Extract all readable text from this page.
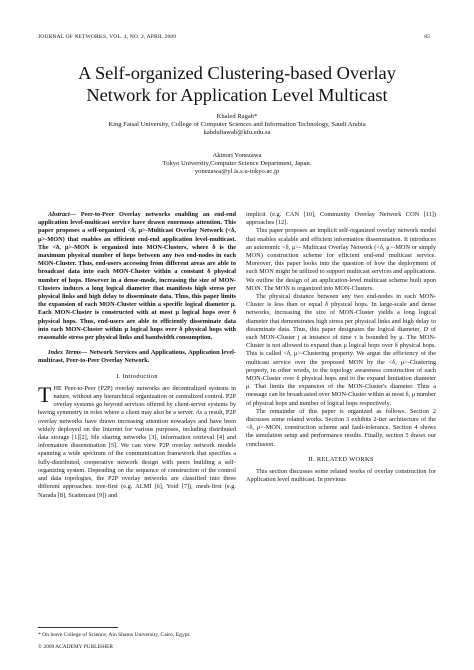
JOURNAL OF NETWORKS, VOL. 4, NO. 2, APRIL 2009	85
A Self-organized Clustering-based Overlay
Network for Application Level Multicast
Khaled Ragab*
King Faisal University, College of Computer Sciences and Information Technology, Saudi Arabia
kabdultawab@kfu.edu.sa
Akinori Yonezawa
Tokyo University,Computer Science Department, Japan.
yonezawa@yl.is.s.u-tokyo.ac.jp

Abstract— Peer-to-Peer Overlay networks enabling an end-end application level-multicast service have drawn enormous attention. This paper proposes a self-organized <δ, μ>-Multicast Overlay Network (<δ, μ>-MON) that enables an efficient end-end application level-multicast. The <δ, μ>-MON is organized into MON-Clusters, where δ is the maximum physical number of hops between any two end-nodes in each MON-Cluster. Thus, end-users accessing from different areas are able to broadcast data into each MON-Cluster within a constant δ physical number of hops. However in a dense-mode, increasing the size of MON-Clusters induces a long logical diameter that manifests high stress per physical links and high delay to disseminate data. Thus, this paper limits the expansion of each MON-Cluster within a specific logical diameter μ. Each MON-Cluster is constructed with at most μ logical hops over δ physical hops. Thus, end-users are able to efficiently disseminate data into each MON-Cluster within μ logical hops over δ physical hops with reasonable stress per physical links and bandwidth consumption.

Index Terms— Network Services and Applications, Application level-multicast, Peer-to-Peer Overlay Network.

I. Introduction

THE Peer-to-Peer (P2P) overlay networks are decentralized systems in nature, without any hierarchical organization or centralized control. P2P overlay systems go beyond services offered by client-server systems by having symmetry in roles where a client may also be a server. As a result, P2P overlay networks have drawn increasing attention nowadays and have been widely deployed on the Internet for various purposes, including distributed data storage [1][2], file sharing networks [3], information retrieval [4] and information dissemination [5]. We can view P2P overlay network models spanning a wide spectrum of the communication framework that specifies a fully-distributed, cooperative network design with peers building a self-organizing system. Depending on the sequence of construction of the control and data topologies, the P2P overlay networks are classified into three different approaches: tree-first (e.g. ALMI [6], Yoid [7]), mesh-first (e.g. Narada [8], Scattercast [9]) and

implicit (e.g. CAN [10], Community Overlay Network CON [11]) approaches [12].

This paper proposes an implicit self-organized overlay network model that enables scalable and efficient information dissemination. It introduces an autonomic <δ, μ>- Multicast Overlay Network (<δ, μ>-MON or simply MON) construction scheme for efficient end-end multicast service. Moreover, this paper looks into the question of how the deployment of such MON might be utilized to support multicast services and applications. We outline the design of an application-level multicast scheme built upon MON. The MON is organized into MON-Clusters.

The physical distance between any two end-nodes in each MON-Cluster is less than or equal δ physical hops. In large-scale and dense networks, increasing the size of MON-Cluster yields a long logical diameter that demonstrates high stress per physical links and high delay to disseminate data. Thus, this paper designates the logical diameter, D of each MON-Cluster j at instance of time τ is bounded by μ. The MON-Cluster is not allowed to expand than μ logical hops over δ physical hops. This is called <δ, μ>-Clustering property. We argue the efficiency of the multicast service over the proposed MON by the <δ, μ>-Clustering property, in other words, to the topology awareness construction of each MON-Cluster over δ physical hops and to the expand limitation diameter μ. That limits the expansion of the MON-Cluster's diameter. Thus a message can be broadcasted over MON-Cluster within at most δ, μ number of physical hops and number of logical hops respectively.

The remainder of this paper is organized as follows. Section 2 discusses some related works. Section 3 exhibits 2-tier architecture of the <δ, μ>-MON, construction scheme and fault-tolerance. Section 4 shows the simulation setup and performance results. Finally, section 5 draws our conclusion.

II. RELATED WORKS

This section discusses some related works of overlay construction for Application level multicast. In previous

* On leave College of Science, Ain Shams University, Cairo, Egypt.
© 2009 ACADEMY PUBLISHER
